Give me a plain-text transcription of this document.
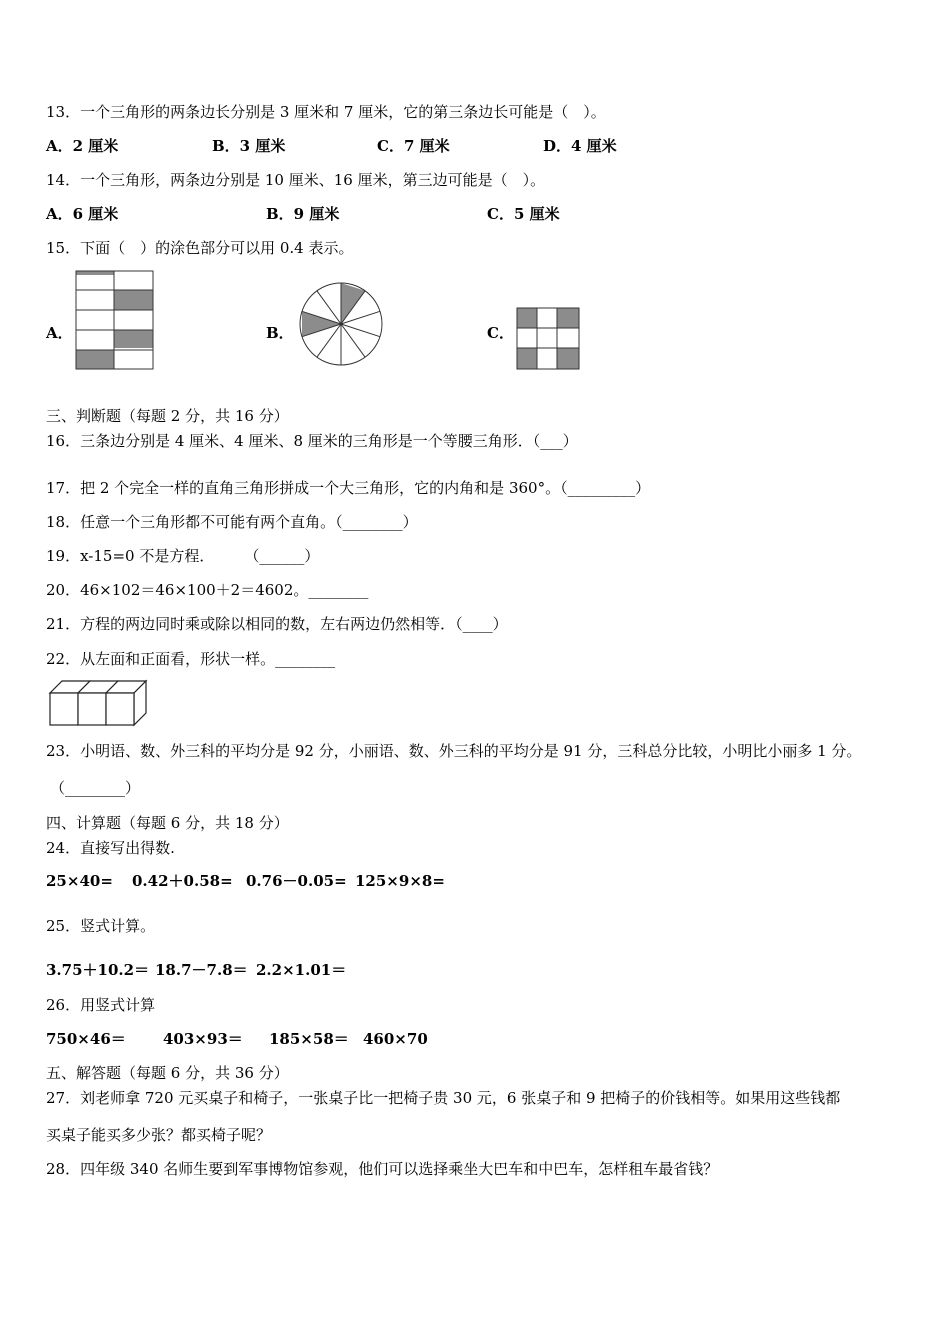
13．一个三角形的两条边长分别是 3 厘米和 7 厘米，它的第三条边长可能是（　）。
A．2 厘米	B．3 厘米	C．7 厘米	D．4 厘米
14．一个三角形，两条边分别是 10 厘米、16 厘米，第三边可能是（　）。
A．6 厘米	B．9 厘米	C．5 厘米
15．下面（　）的涂色部分可以用 0.4 表示。
A．	B．	C．
三、判断题（每题 2 分，共 16 分）
16．三条边分别是 4 厘米、4 厘米、8 厘米的三角形是一个等腰三角形．（___）
17．把 2 个完全一样的直角三角形拼成一个大三角形，它的内角和是 360°。（_________）
18．任意一个三角形都不可能有两个直角。（________）
19．x-15=0 不是方程．　　　（______）
20．46×102＝46×100＋2＝4602。________
21．方程的两边同时乘或除以相同的数，左右两边仍然相等．（____）
22．从左面和正面看，形状一样。________
23．小明语、数、外三科的平均分是 92 分，小丽语、数、外三科的平均分是 91 分，三科总分比较，小明比小丽多 1 分。
（________）
四、计算题（每题 6 分，共 18 分）
24．直接写出得数.
25×40= 0.42＋0.58= 0.76－0.05= 125×9×8=
25．竖式计算。
3.75＋10.2＝ 18.7－7.8＝ 2.2×1.01＝
26．用竖式计算
750×46＝ 403×93＝ 185×58＝ 460×70
五、解答题（每题 6 分，共 36 分）
27．刘老师拿 720 元买桌子和椅子，一张桌子比一把椅子贵 30 元，6 张桌子和 9 把椅子的价钱相等。如果用这些钱都
买桌子能买多少张？都买椅子呢？
28．四年级 340 名师生要到军事博物馆参观，他们可以选择乘坐大巴车和中巴车，怎样租车最省钱？
